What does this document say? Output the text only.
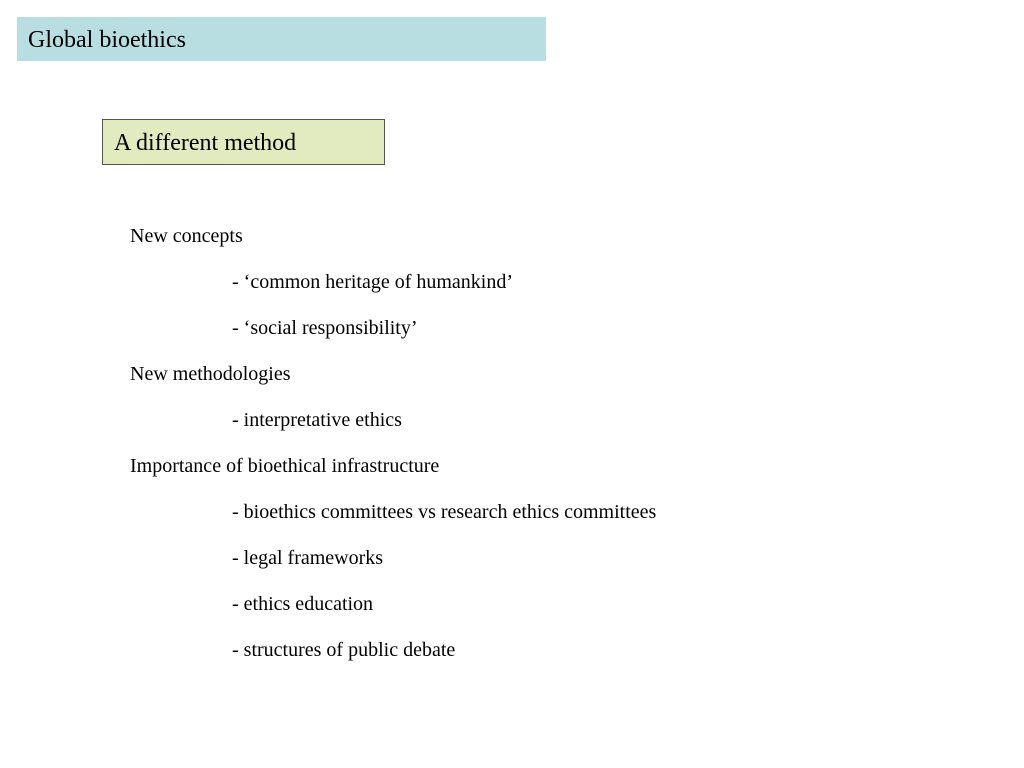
Global bioethics
A different method
New concepts
- ‘common heritage of humankind’
- ‘social responsibility’
New methodologies
- interpretative ethics
Importance of bioethical infrastructure
- bioethics committees vs research ethics committees
- legal frameworks
- ethics education
- structures of public debate
